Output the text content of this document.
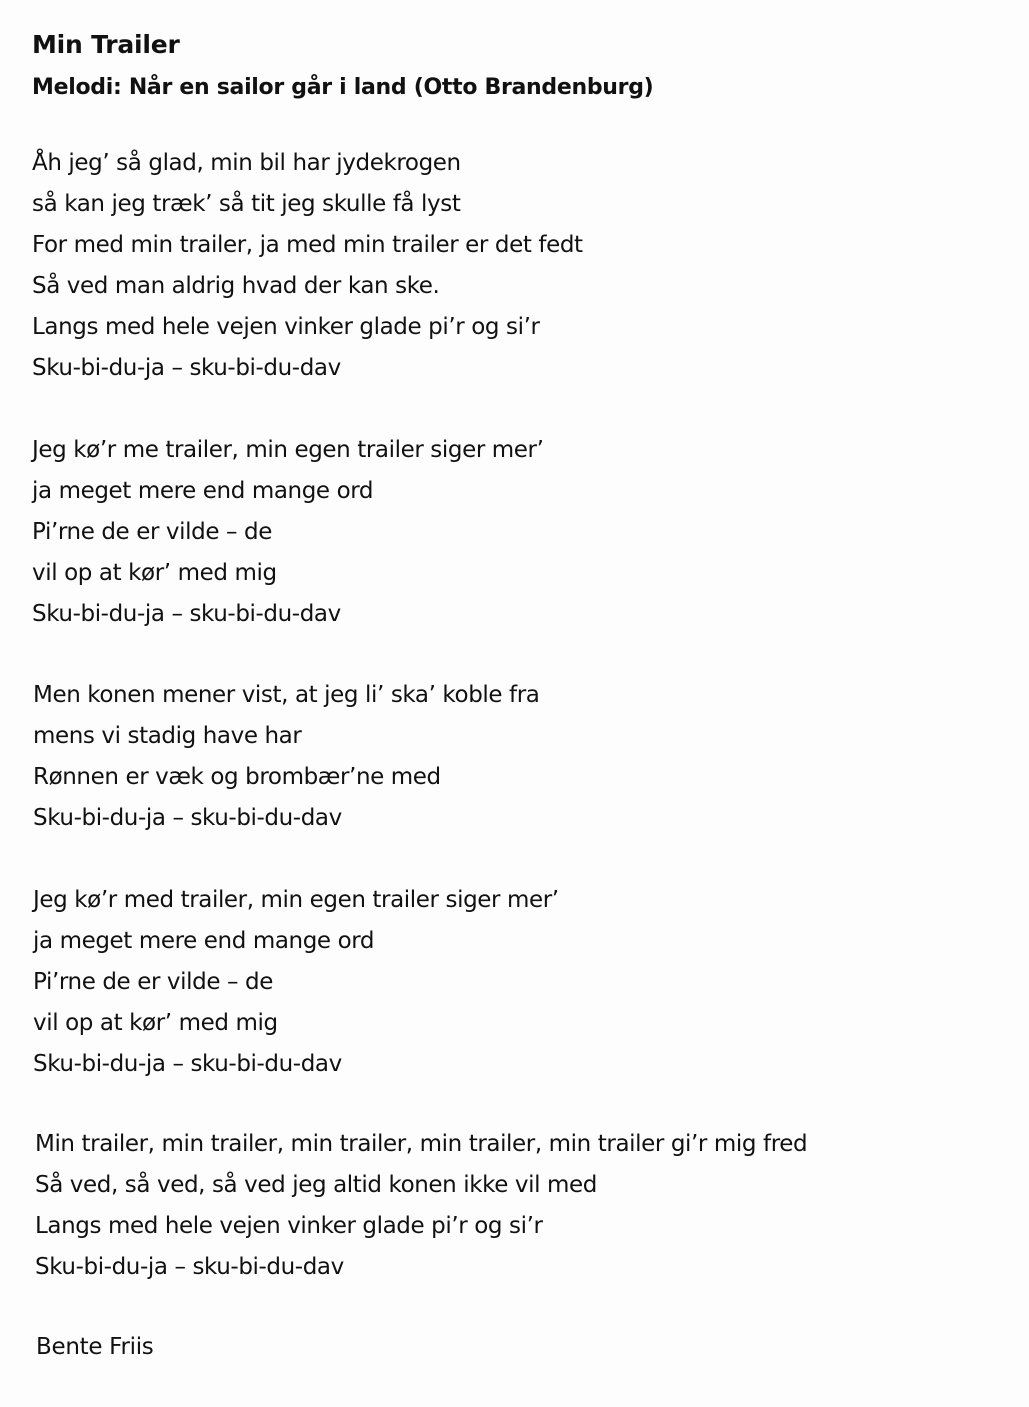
Min Trailer
Melodi: Når en sailor går i land (Otto Brandenburg)
Åh jeg’ så glad, min bil har jydekrogen
så kan jeg træk’ så tit jeg skulle få lyst
For med min trailer, ja med min trailer er det fedt
Så ved man aldrig hvad der kan ske.
Langs med hele vejen vinker glade pi’r og si’r
Sku-bi-du-ja – sku-bi-du-dav
Jeg kø’r me trailer, min egen trailer siger mer’
ja meget mere end mange ord
Pi’rne de er vilde – de
vil op at kør’ med mig
Sku-bi-du-ja – sku-bi-du-dav
Men konen mener vist, at jeg li’ ska’ koble fra
mens vi stadig have har
Rønnen er væk og brombær’ne med
Sku-bi-du-ja – sku-bi-du-dav
Jeg kø’r med trailer, min egen trailer siger mer’
ja meget mere end mange ord
Pi’rne de er vilde – de
vil op at kør’ med mig
Sku-bi-du-ja – sku-bi-du-dav
Min trailer, min trailer, min trailer, min trailer, min trailer gi’r mig fred
Så ved, så ved, så ved jeg altid konen ikke vil med
Langs med hele vejen vinker glade pi’r og si’r
Sku-bi-du-ja – sku-bi-du-dav
Bente Friis
